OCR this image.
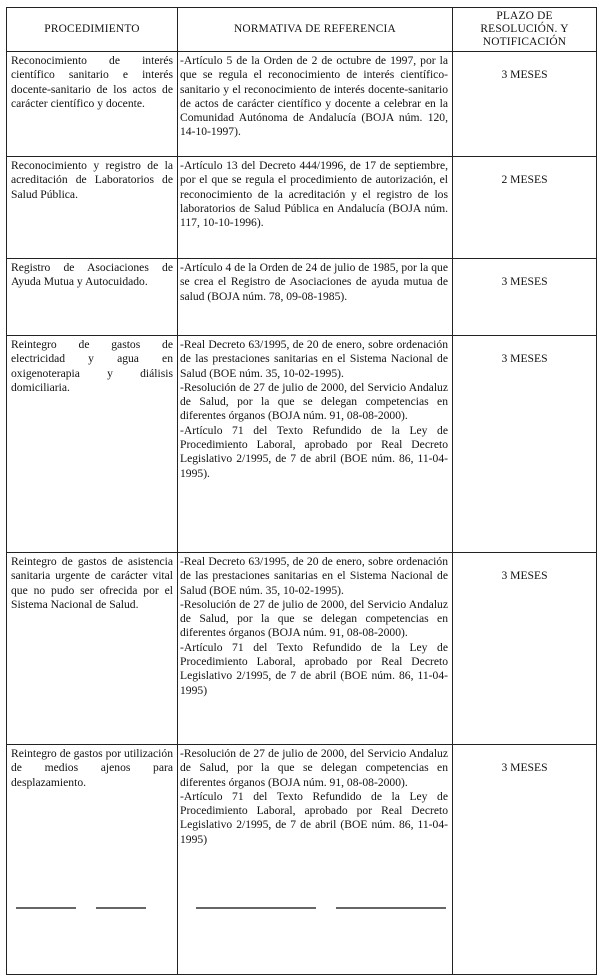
PROCEDIMIENTO	NORMATIVA DE REFERENCIA	PLAZO DE
RESOLUCIÓN. Y
NOTIFICACIÓN

Reconocimiento de interés científico sanitario e interés docente-sanitario de los actos de carácter científico y docente.	-Artículo 5 de la Orden de 2 de octubre de 1997, por la que se regula el reconocimiento de interés científico-sanitario y el reconocimiento de interés docente-sanitario de actos de carácter científico y docente a celebrar en la Comunidad Autónoma de Andalucía (BOJA núm. 120, 14-10-1997).	3 MESES
Reconocimiento y registro de la acreditación de Laboratorios de Salud Pública.	-Artículo 13 del Decreto 444/1996, de 17 de septiembre, por el que se regula el procedimiento de autorización, el reconocimiento de la acreditación y el registro de los laboratorios de Salud Pública en Andalucía (BOJA núm. 117, 10-10-1996).	2 MESES
Registro de Asociaciones de Ayuda Mutua y Autocuidado.	-Artículo 4 de la Orden de 24 de julio de 1985, por la que se crea el Registro de Asociaciones de ayuda mutua de salud (BOJA núm. 78, 09-08-1985).	3 MESES
Reintegro de gastos de electricidad y agua en oxigenoterapia y diálisis domiciliaria.	-Real Decreto 63/1995, de 20 de enero, sobre ordenación de las prestaciones sanitarias en el Sistema Nacional de Salud (BOE núm. 35, 10-02-1995).
-Resolución de 27 de julio de 2000, del Servicio Andaluz de Salud, por la que se delegan competencias en diferentes órganos (BOJA núm. 91, 08-08-2000).
-Artículo 71 del Texto Refundido de la Ley de Procedimiento Laboral, aprobado por Real Decreto Legislativo 2/1995, de 7 de abril (BOE núm. 86, 11-04-1995).	3 MESES
Reintegro de gastos de asistencia sanitaria urgente de carácter vital que no pudo ser ofrecida por el Sistema Nacional de Salud.	-Real Decreto 63/1995, de 20 de enero, sobre ordenación de las prestaciones sanitarias en el Sistema Nacional de Salud (BOE núm. 35, 10-02-1995).
-Resolución de 27 de julio de 2000, del Servicio Andaluz de Salud, por la que se delegan competencias en diferentes órganos (BOJA núm. 91, 08-08-2000).
-Artículo 71 del Texto Refundido de la Ley de Procedimiento Laboral, aprobado por Real Decreto Legislativo 2/1995, de 7 de abril (BOE núm. 86, 11-04-1995)	3 MESES
Reintegro de gastos por utilización de medios ajenos para desplazamiento.	-Resolución de 27 de julio de 2000, del Servicio Andaluz de Salud, por la que se delegan competencias en diferentes órganos (BOJA núm. 91, 08-08-2000).
-Artículo 71 del Texto Refundido de la Ley de Procedimiento Laboral, aprobado por Real Decreto Legislativo 2/1995, de 7 de abril (BOE núm. 86, 11-04-1995)	3 MESES
